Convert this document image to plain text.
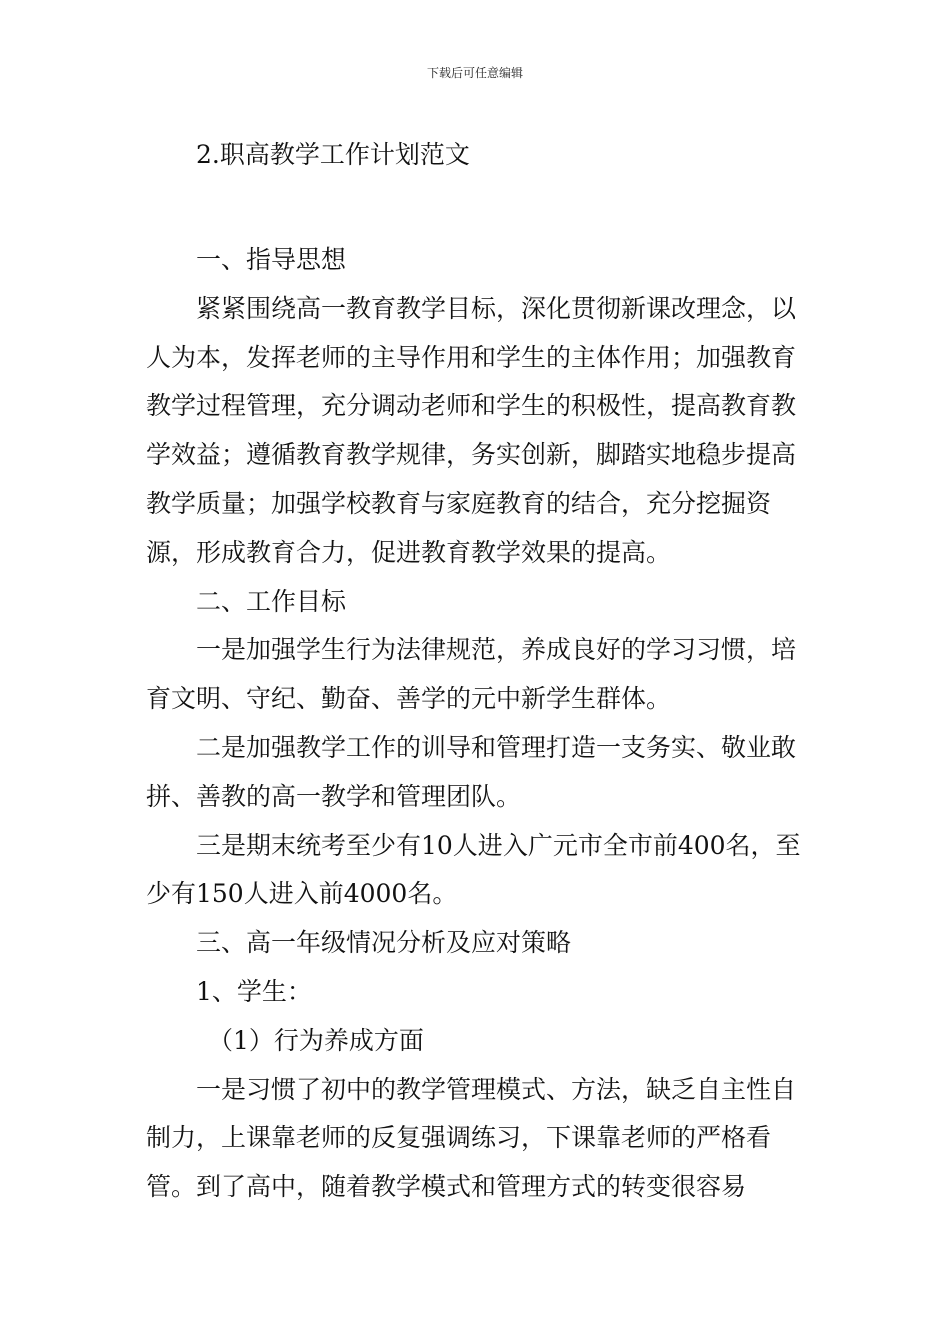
下载后可任意编辑
2.职高教学工作计划范文

一、指导思想

紧紧围绕高一教育教学目标，深化贯彻新课改理念，以人为本，发挥老师的主导作用和学生的主体作用；加强教育教学过程管理，充分调动老师和学生的积极性，提高教育教学效益；遵循教育教学规律，务实创新，脚踏实地稳步提高教学质量；加强学校教育与家庭教育的结合，充分挖掘资源，形成教育合力，促进教育教学效果的提高。

二、工作目标

一是加强学生行为法律规范，养成良好的学习习惯，培育文明、守纪、勤奋、善学的元中新学生群体。

二是加强教学工作的训导和管理打造一支务实、敬业敢拼、善教的高一教学和管理团队。

三是期末统考至少有10人进入广元市全市前400名，至少有150人进入前4000名。

三、高一年级情况分析及应对策略

1、学生：

（1）行为养成方面

一是习惯了初中的教学管理模式、方法，缺乏自主性自制力，上课靠老师的反复强调练习，下课靠老师的严格看管。到了高中，随着教学模式和管理方式的转变很容易
